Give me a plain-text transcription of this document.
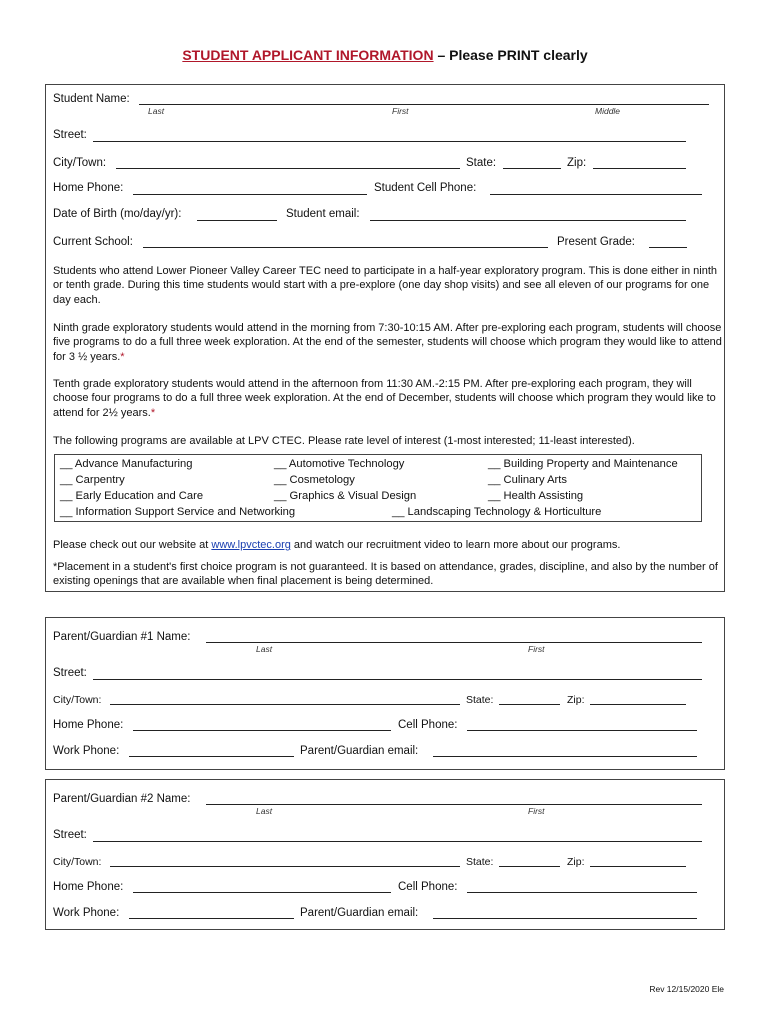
STUDENT APPLICANT INFORMATION – Please PRINT clearly
Student Name:
Last	First	Middle
Street:
City/Town:	State:	Zip:
Home Phone:	Student Cell Phone:
Date of Birth (mo/day/yr):	Student email:
Current School:	Present Grade:
Students who attend Lower Pioneer Valley Career TEC need to participate in a half-year exploratory program. This is done either in ninth or tenth grade. During this time students would start with a pre-explore (one day shop visits) and see all eleven of our programs for one day each.
Ninth grade exploratory students would attend in the morning from 7:30-10:15 AM. After pre-exploring each program, students will choose five programs to do a full three week exploration. At the end of the semester, students will choose which program they would like to attend for 3 ½ years.*
Tenth grade exploratory students would attend in the afternoon from 11:30 AM.-2:15 PM. After pre-exploring each program, they will choose four programs to do a full three week exploration. At the end of December, students will choose which program they would like to attend for 2½ years.*
The following programs are available at LPV CTEC. Please rate level of interest (1-most interested; 11-least interested).
__ Advance Manufacturing	__ Automotive Technology	__ Building Property and Maintenance
__ Carpentry	__ Cosmetology	__ Culinary Arts
__ Early Education and Care	__ Graphics & Visual Design	__ Health Assisting
__ Information Support Service and Networking	__ Landscaping Technology & Horticulture
Please check out our website at www.lpvctec.org and watch our recruitment video to learn more about our programs.
*Placement in a student's first choice program is not guaranteed. It is based on attendance, grades, discipline, and also by the number of existing openings that are available when final placement is being determined.
Parent/Guardian #1 Name:
Last	First
Street:
City/Town:	State:	Zip:
Home Phone:	Cell Phone:
Work Phone:	Parent/Guardian email:
Parent/Guardian #2 Name:
Last	First
Street:
City/Town:	State:	Zip:
Home Phone:	Cell Phone:
Work Phone:	Parent/Guardian email:
Rev 12/15/2020 Ele
